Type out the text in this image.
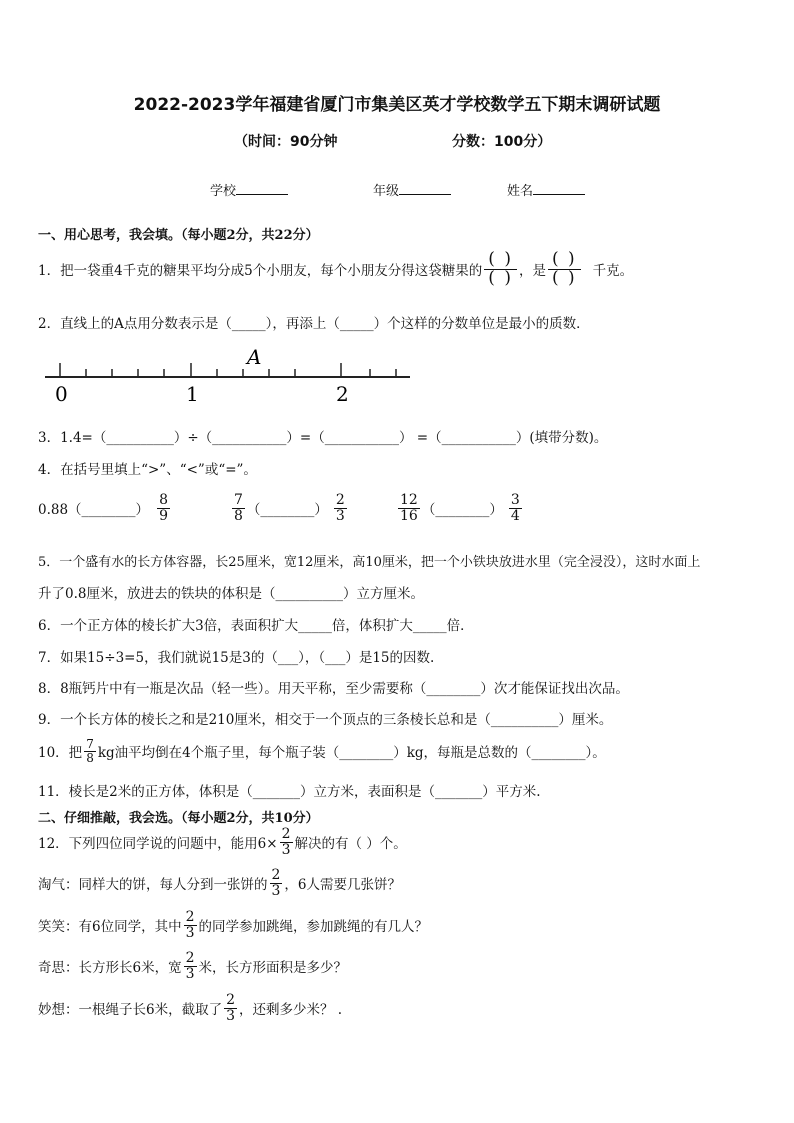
2022-2023学年福建省厦门市集美区英才学校数学五下期末调研试题
（时间：90分钟	分数：100分）
学校	年级	姓名
一、用心思考，我会填。（每小题2分，共22分）
1．把一袋重4千克的糖果平均分成5个小朋友，每个小朋友分得这袋糖果的 $\frac{( )}{( )}$ ，是 $\frac{( )}{( )}$ 千克。
2．直线上的A点用分数表示是（_____），再添上（_____）个这样的分数单位是最小的质数．
A
0	1	2
3．1.4=（__________）÷（___________）=（___________） =（___________）(填带分数)。
4．在括号里填上“>”、“<”或“=”。
0.88（________） $\frac{8}{9}$	$\frac{7}{8}$ （________） $\frac{2}{3}$	$\frac{12}{16}$ （________） $\frac{3}{4}$
5．一个盛有水的长方体容器，长25厘米，宽12厘米，高10厘米，把一个小铁块放进水里（完全浸没），这时水面上
升了0.8厘米，放进去的铁块的体积是（__________）立方厘米。
6．一个正方体的棱长扩大3倍，表面积扩大_____倍，体积扩大_____倍．
7．如果15÷3=5，我们就说15是3的（___），（___）是15的因数.
8．8瓶钙片中有一瓶是次品（轻一些）。用天平称，至少需要称（________）次才能保证找出次品。
9．一个长方体的棱长之和是210厘米，相交于一个顶点的三条棱长总和是（__________）厘米。
10．把 $\frac{7}{8}$ kg油平均倒在4个瓶子里，每个瓶子装（________）kg，每瓶是总数的（________）。
11．棱长是2米的正方体，体积是（_______）立方米，表面积是（_______）平方米.
二、仔细推敲，我会选。（每小题2分，共10分）
12．下列四位同学说的问题中，能用$6\times \frac{2}{3}$ 解决的有（ ）个。
淘气：同样大的饼，每人分到一张饼的 $\frac{2}{3}$ ，6人需要几张饼？
笑笑：有6位同学，其中 $\frac{2}{3}$ 的同学参加跳绳，参加跳绳的有几人？
奇思：长方形长6米，宽 $\frac{2}{3}$ 米，长方形面积是多少？
妙想：一根绳子长6米，截取了 $\frac{2}{3}$ ，还剩多少米？ .
